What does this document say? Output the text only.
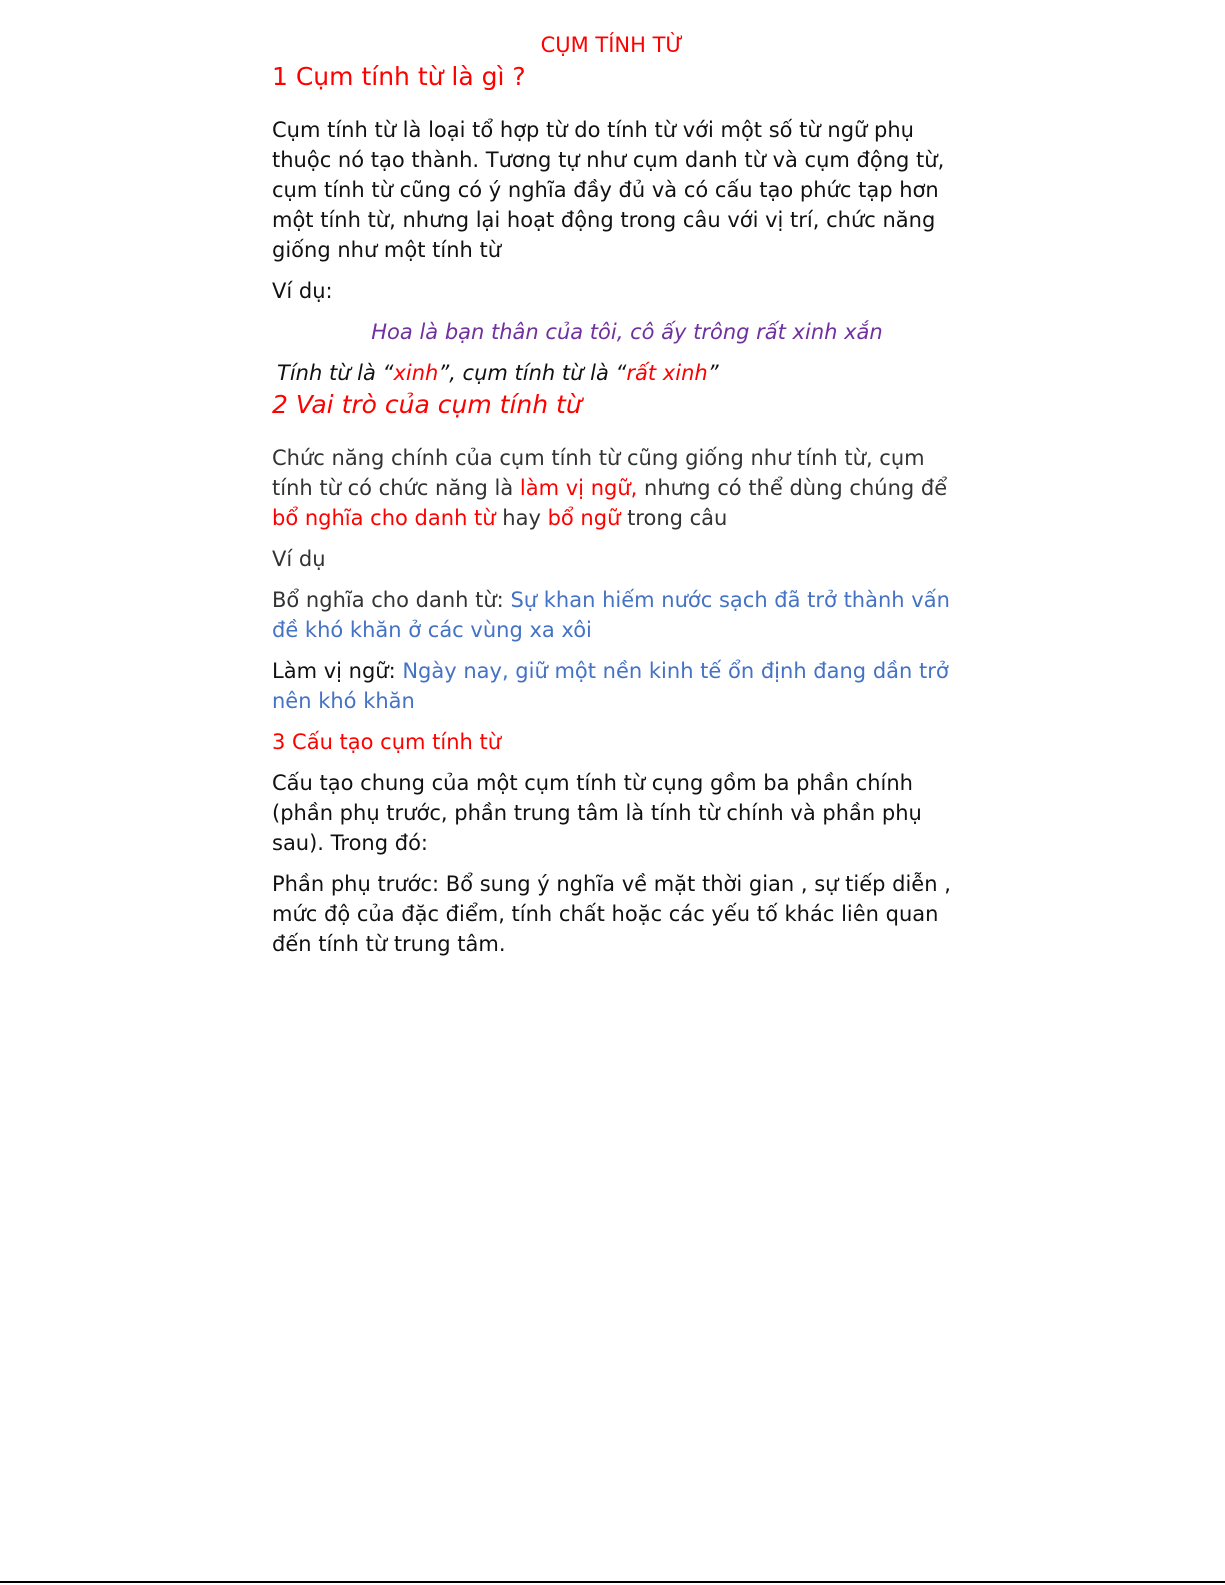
CỤM TÍNH TỪ
1 Cụm tính từ là gì ?

Cụm tính từ là loại tổ hợp từ do tính từ với một số từ ngữ phụ thuộc nó tạo thành. Tương tự như cụm danh từ và cụm động từ, cụm tính từ cũng có ý nghĩa đầy đủ và có cấu tạo phức tạp hơn một tính từ, nhưng lại hoạt động trong câu với vị trí, chức năng giống như một tính từ

Ví dụ:

Hoa là bạn thân của tôi, cô ấy trông rất xinh xắn

Tính từ là “xinh”, cụm tính từ là “rất xinh”

2 Vai trò của cụm tính từ

Chức năng chính của cụm tính từ cũng giống như tính từ, cụm tính từ có chức năng là làm vị ngữ, nhưng có thể dùng chúng để bổ nghĩa cho danh từ hay bổ ngữ trong câu

Ví dụ

Bổ nghĩa cho danh từ: Sự khan hiếm nước sạch đã trở thành vấn đề khó khăn ở các vùng xa xôi

Làm vị ngữ: Ngày nay, giữ một nền kinh tế ổn định đang dần trở nên khó khăn

3 Cấu tạo cụm tính từ

Cấu tạo chung của một cụm tính từ cụng gồm ba phần chính (phần phụ trước, phần trung tâm là tính từ chính và phần phụ sau). Trong đó:

Phần phụ trước: Bổ sung ý nghĩa về mặt thời gian , sự tiếp diễn , mức độ của đặc điểm, tính chất hoặc các yếu tố khác liên quan đến tính từ trung tâm.
